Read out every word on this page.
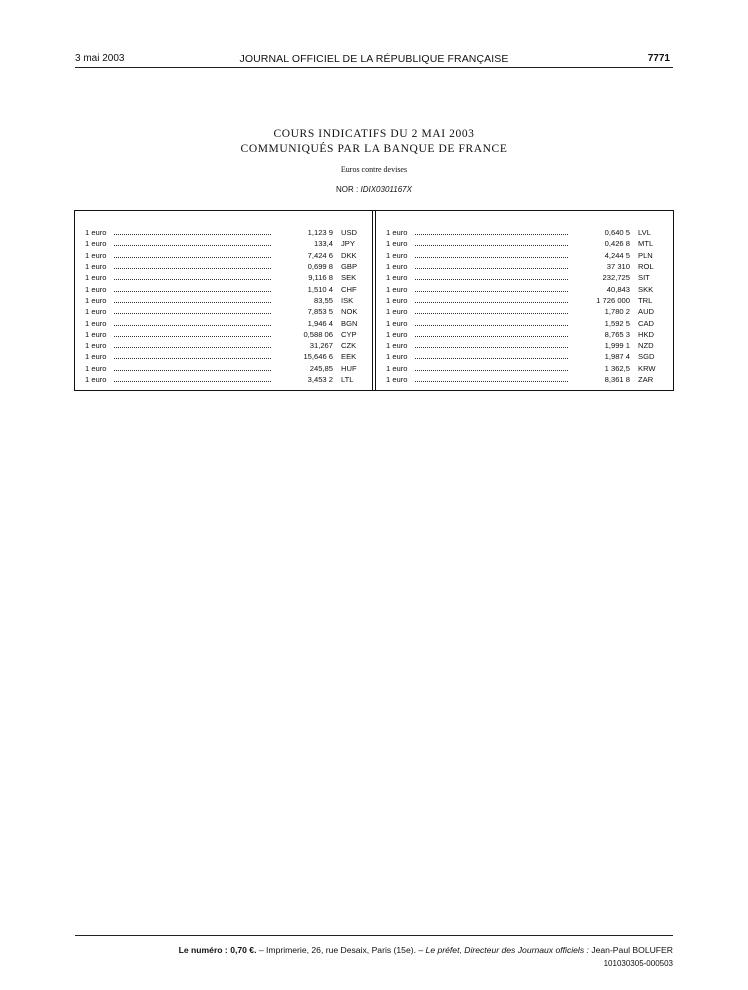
3 mai 2003	JOURNAL OFFICIEL DE LA RÉPUBLIQUE FRANÇAISE	7771
COURS INDICATIFS DU 2 MAI 2003
COMMUNIQUÉS PAR LA BANQUE DE FRANCE
Euros contre devises
NOR : IDIX0301167X
1 euro	1,123 9	USD
1 euro	133,4	JPY
1 euro	7,424 6	DKK
1 euro	0,699 8	GBP
1 euro	9,116 8	SEK
1 euro	1,510 4	CHF
1 euro	83,55	ISK
1 euro	7,853 5	NOK
1 euro	1,946 4	BGN
1 euro	0,588 06	CYP
1 euro	31,267	CZK
1 euro	15,646 6	EEK
1 euro	245,85	HUF
1 euro	3,453 2	LTL
1 euro	0,640 5	LVL
1 euro	0,426 8	MTL
1 euro	4,244 5	PLN
1 euro	37 310	ROL
1 euro	232,725	SIT
1 euro	40,843	SKK
1 euro	1 726 000	TRL
1 euro	1,780 2	AUD
1 euro	1,592 5	CAD
1 euro	8,765 3	HKD
1 euro	1,999 1	NZD
1 euro	1,987 4	SGD
1 euro	1 362,5	KRW
1 euro	8,361 8	ZAR
Le numéro : 0,70 €. – Imprimerie, 26, rue Desaix, Paris (15e). – Le préfet, Directeur des Journaux officiels : Jean-Paul BOLUFER
101030305-000503
